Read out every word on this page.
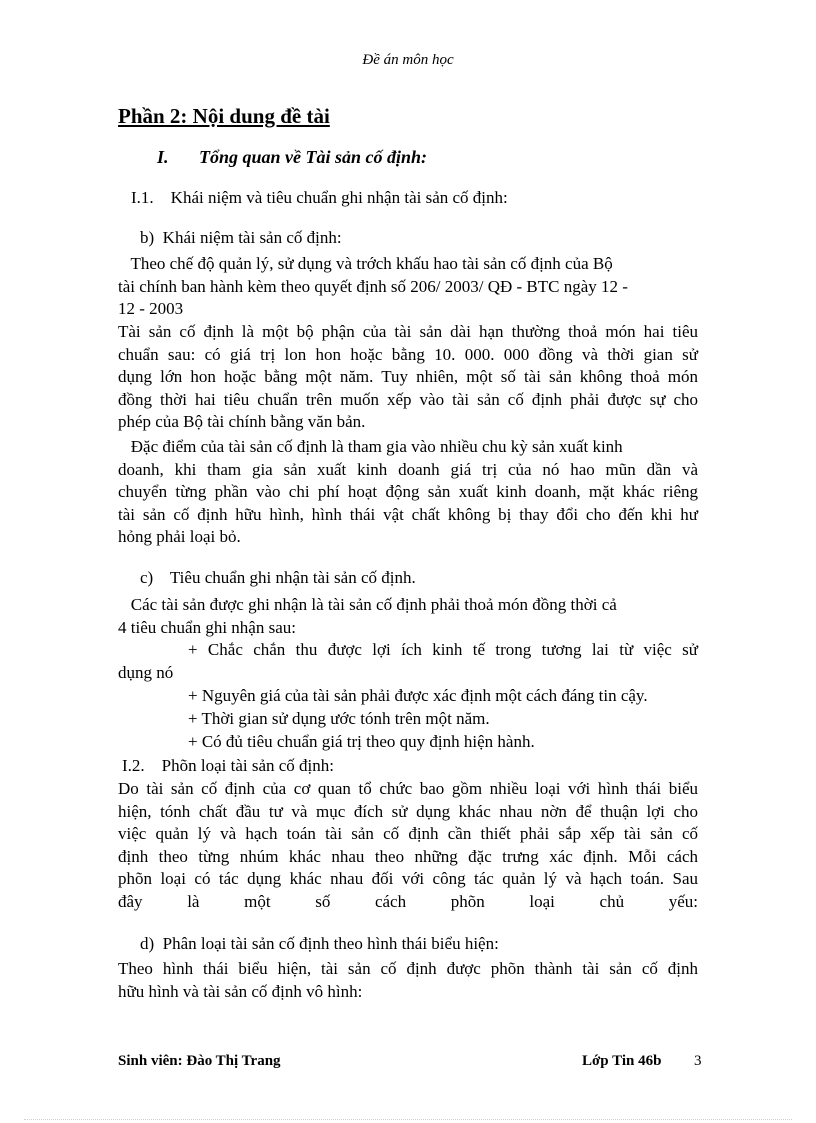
Đề án môn học
Phần 2: Nội dung đề tài
I. Tổng quan về Tài sản cố định:
I.1.    Khái niệm và tiêu chuẩn ghi nhận tài sản cố định:
b)  Khái niệm tài sản cố định:
Theo chế độ quản lý, sử dụng và trớch khấu hao tài sản cố định của Bộ
tài chính ban hành kèm theo quyết định số 206/ 2003/ QĐ - BTC ngày 12 -
12 - 2003
Tài sản cố định là một bộ phận của tài sản dài hạn thường thoả món hai tiêu
chuẩn sau: có giá trị lon hon hoặc bằng 10. 000. 000 đồng và thời gian sử
dụng lớn hon hoặc bằng một năm. Tuy nhiên, một số tài sản không thoả món
đồng thời hai tiêu chuẩn trên muốn xếp vào tài sản cố định phải được sự cho
phép của Bộ tài chính bằng văn bản.
Đặc điểm của tài sản cố định là tham gia vào nhiều chu kỳ sản xuất kinh
doanh, khi tham gia sản xuất kinh doanh giá trị của nó hao mũn dần và
chuyển từng phần vào chi phí hoạt động sản xuất kinh doanh, mặt khác riêng
tài sản cố định hữu hình, hình thái vật chất không bị thay đổi cho đến khi hư
hỏng phải loại bỏ.
c)    Tiêu chuẩn ghi nhận tài sản cố định.
Các tài sản được ghi nhận là tài sản cố định phải thoả món đồng thời cả
4 tiêu chuẩn ghi nhận sau:
+ Chắc chắn thu được lợi ích kinh tế trong tương lai từ việc sử
dụng nó
+ Nguyên giá của tài sản phải được xác định một cách đáng tin cậy.
+ Thời gian sử dụng ước tónh trên một năm.
+ Có đủ tiêu chuẩn giá trị theo quy định hiện hành.
I.2.    Phõn loại tài sản cố định:
Do tài sản cố định của cơ quan tổ chức bao gồm nhiều loại với hình thái biểu
hiện, tónh chất đầu tư và mục đích sử dụng khác nhau nờn để thuận lợi cho
việc quản lý và hạch toán tài sản cố định cần thiết phải sắp xếp tài sản cố
định theo từng nhúm khác nhau theo những đặc trưng xác định. Mỗi cách
phõn loại có tác dụng khác nhau đối với công tác quản lý và hạch toán. Sau
đây là một số cách phõn loại chủ yếu:
d)  Phân loại tài sản cố định theo hình thái biểu hiện:
Theo hình thái biểu hiện, tài sản cố định được phõn thành tài sản cố định
hữu hình và tài sản cố định vô hình:
Sinh viên: Đào Thị Trang	Lớp Tin 46b 3
